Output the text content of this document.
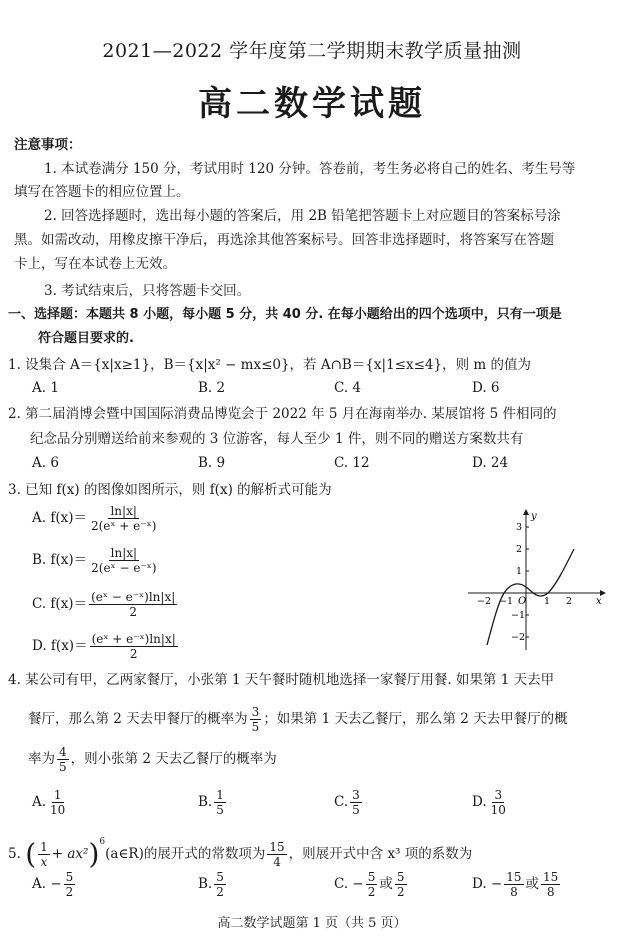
2021—2022 学年度第二学期期末教学质量抽测
高二数学试题
注意事项：
1. 本试卷满分 150 分，考试用时 120 分钟。答卷前，考生务必将自己的姓名、考生号等
填写在答题卡的相应位置上。
2. 回答选择题时，选出每小题的答案后，用 2B 铅笔把答题卡上对应题目的答案标号涂
黑。如需改动，用橡皮擦干净后，再选涂其他答案标号。回答非选择题时，将答案写在答题
卡上，写在本试卷上无效。
3. 考试结束后，只将答题卡交回。
一、选择题：本题共 8 小题，每小题 5 分，共 40 分. 在每小题给出的四个选项中，只有一项是
符合题目要求的.
1. 设集合 A＝{x|x≥1}，B＝{x|x² − mx≤0}，若 A∩B＝{x|1≤x≤4}，则 m 的值为
A. 1	B. 2	C. 4	D. 6
2. 第二届消博会暨中国国际消费品博览会于 2022 年 5 月在海南举办. 某展馆将 5 件相同的
纪念品分别赠送给前来参观的 3 位游客，每人至少 1 件，则不同的赠送方案数共有
A. 6	B. 9	C. 12	D. 24
3. 已知 f(x) 的图像如图所示，则 f(x) 的解析式可能为
A. $f(x)= \frac{\ln|x|}{\text{2(eˣ + e⁻ˣ)}}$
B. $f(x)= \frac{\ln|x|}{\text{2(eˣ − e⁻ˣ)}}$
C. $f(x)= \frac{\text{(eˣ − e⁻ˣ)ln|x|}}{2}$
D. $f(x)= \frac{\text{(eˣ + e⁻ˣ)ln|x|}}{2}$
y
x
O
3
2
1
−1
−2
−2 −1	1 2
4. 某公司有甲，乙两家餐厅，小张第 1 天午餐时随机地选择一家餐厅用餐. 如果第 1 天去甲
餐厅，那么第 2 天去甲餐厅的概率为 $\frac{3}{5}$ ；如果第 1 天去乙餐厅，那么第 2 天去甲餐厅的概
率为 $\frac{4}{5}$ ，则小张第 2 天去乙餐厅的概率为
A. $\frac{1}{10}$	B. $\frac{1}{5}$	C. $\frac{3}{5}$	D. $\frac{3}{10}$
5. ( $\frac{1}{x}$ + ax²)$^6$(a∈R)的展开式的常数项为 $\frac{15}{4}$ ，则展开式中含 x³ 项的系数为
A. − $\frac{5}{2}$	B. $\frac{5}{2}$	C. − $\frac{5}{2}$ 或 $\frac{5}{2}$	D. − $\frac{15}{8}$ 或 $\frac{15}{8}$
高二数学试题第 1 页（共 5 页）
